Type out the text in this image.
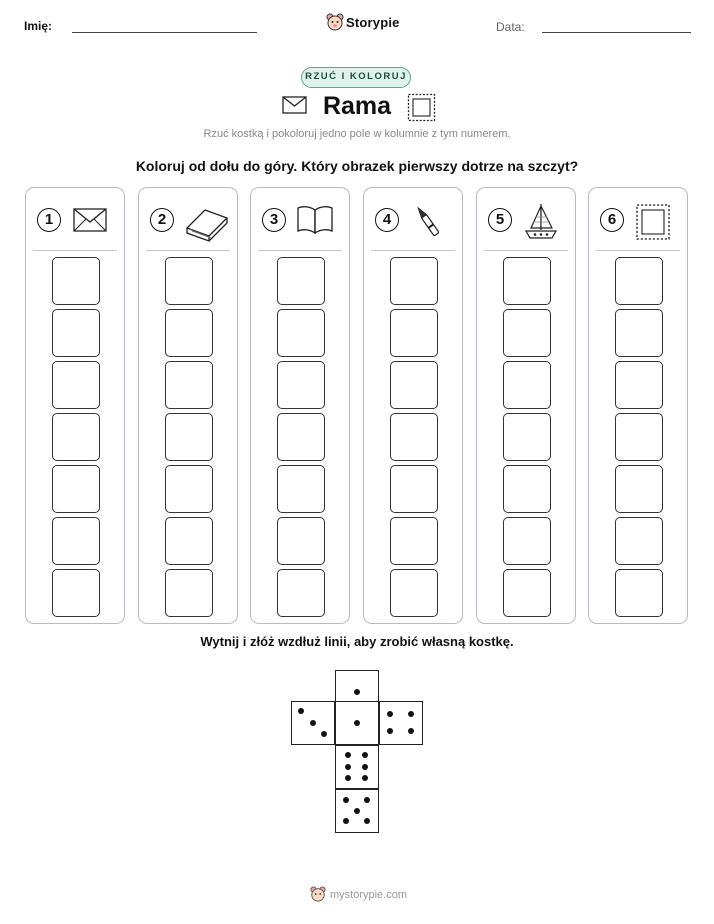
Imię:	Storypie	Data:
RZUĆ I KOLORUJ
Rama
Rzuć kostką i pokoloruj jedno pole w kolumnie z tym numerem.
Koloruj od dołu do góry. Który obrazek pierwszy dotrze na szczyt?
1	2	3	4	5	6
Wytnij i złóż wzdłuż linii, aby zrobić własną kostkę.
mystorypie.com
